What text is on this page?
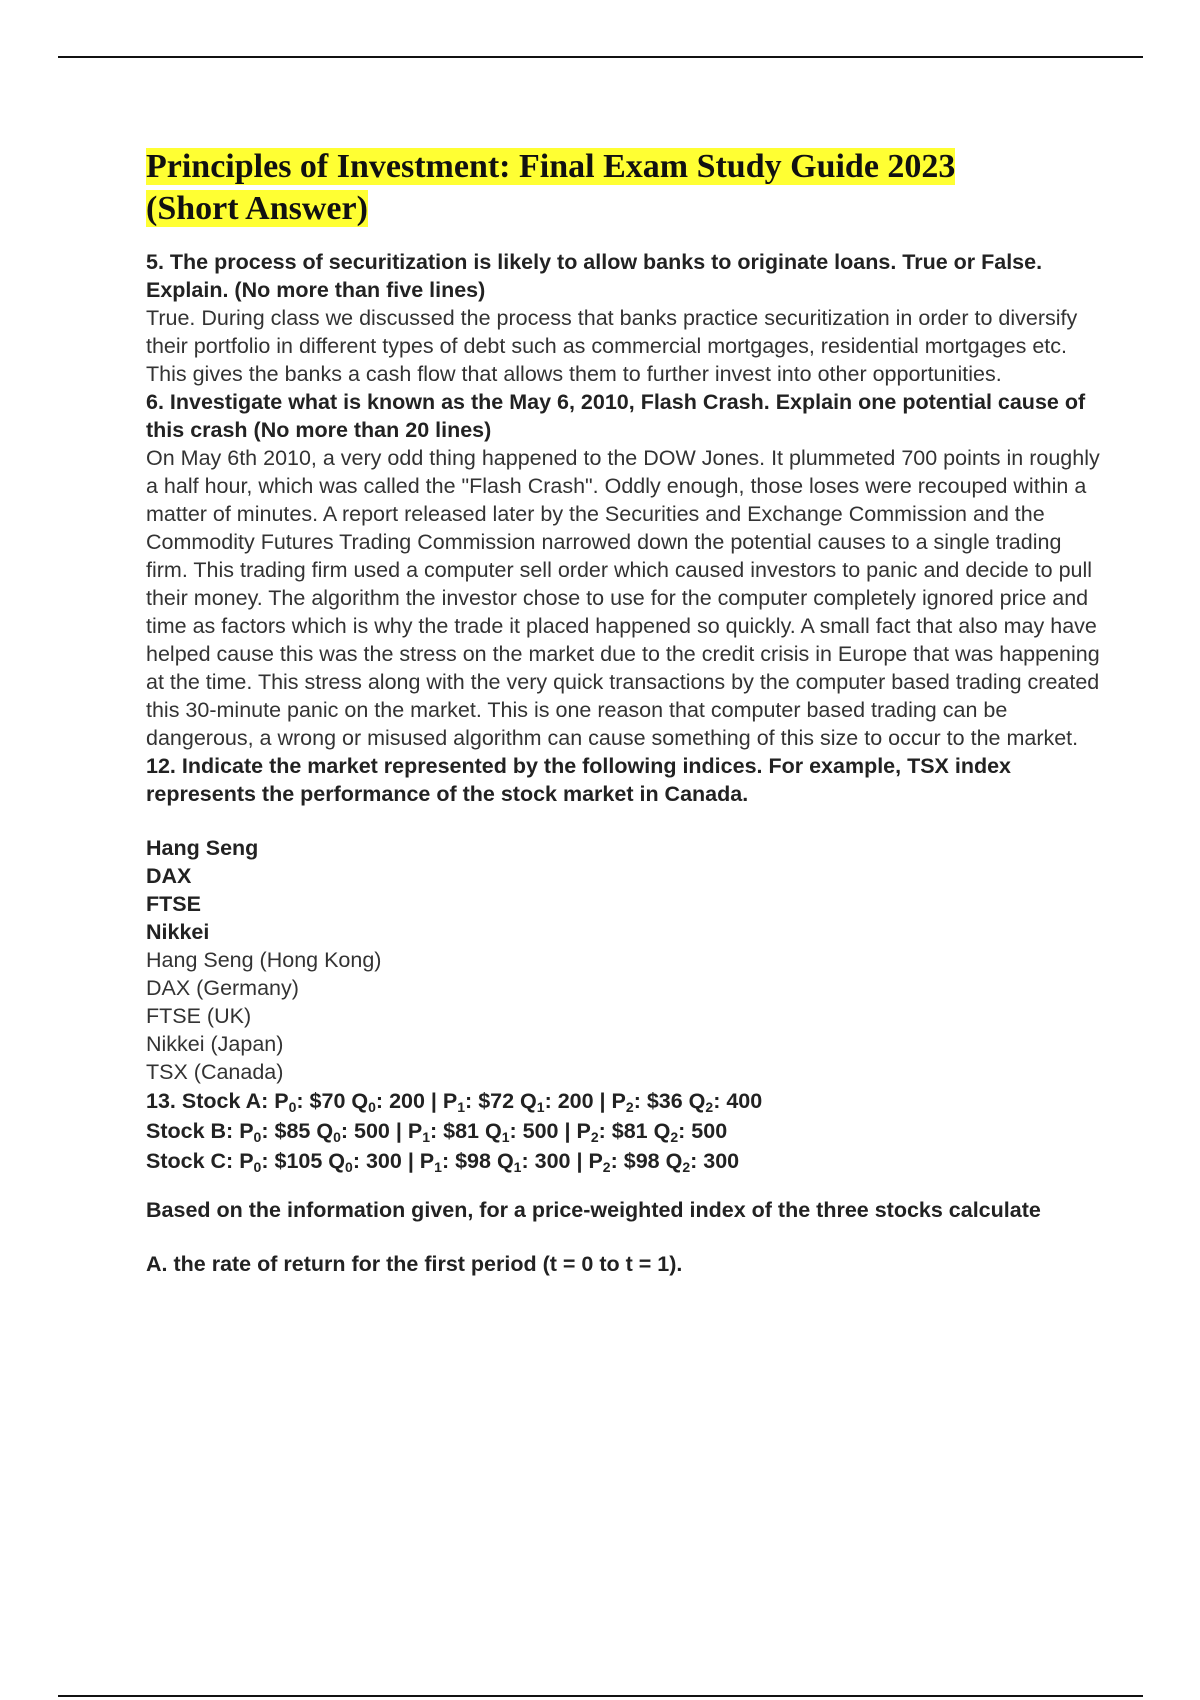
Principles of Investment: Final Exam Study Guide 2023
(Short Answer)

5. The process of securitization is likely to allow banks to originate loans. True or False. Explain. (No more than five lines)

True. During class we discussed the process that banks practice securitization in order to diversify their portfolio in different types of debt such as commercial mortgages, residential mortgages etc. This gives the banks a cash flow that allows them to further invest into other opportunities.

6. Investigate what is known as the May 6, 2010, Flash Crash. Explain one potential cause of this crash (No more than 20 lines)

On May 6th 2010, a very odd thing happened to the DOW Jones. It plummeted 700 points in roughly a half hour, which was called the "Flash Crash". Oddly enough, those loses were recouped within a matter of minutes. A report released later by the Securities and Exchange Commission and the Commodity Futures Trading Commission narrowed down the potential causes to a single trading firm. This trading firm used a computer sell order which caused investors to panic and decide to pull their money. The algorithm the investor chose to use for the computer completely ignored price and time as factors which is why the trade it placed happened so quickly. A small fact that also may have helped cause this was the stress on the market due to the credit crisis in Europe that was happening at the time. This stress along with the very quick transactions by the computer based trading created this 30-minute panic on the market. This is one reason that computer based trading can be dangerous, a wrong or misused algorithm can cause something of this size to occur to the market.

12. Indicate the market represented by the following indices. For example, TSX index represents the performance of the stock market in Canada.

Hang Seng

DAX

FTSE

Nikkei

Hang Seng (Hong Kong)

DAX (Germany)

FTSE (UK)

Nikkei (Japan)

TSX (Canada)

13. Stock A: $P_0$: $70 $Q_0$: 200 | $P_1$: $72 $Q_1$: 200 | $P_2$: $36 $Q_2$: 400

Stock B: $P_0$: $85 $Q_0$: 500 | $P_1$: $81 $Q_1$: 500 | $P_2$: $81 $Q_2$: 500

Stock C: $P_0$: $105 $Q_0$: 300 | $P_1$: $98 $Q_1$: 300 | $P_2$: $98 $Q_2$: 300

Based on the information given, for a price-weighted index of the three stocks calculate

A. the rate of return for the first period (t = 0 to t = 1).
